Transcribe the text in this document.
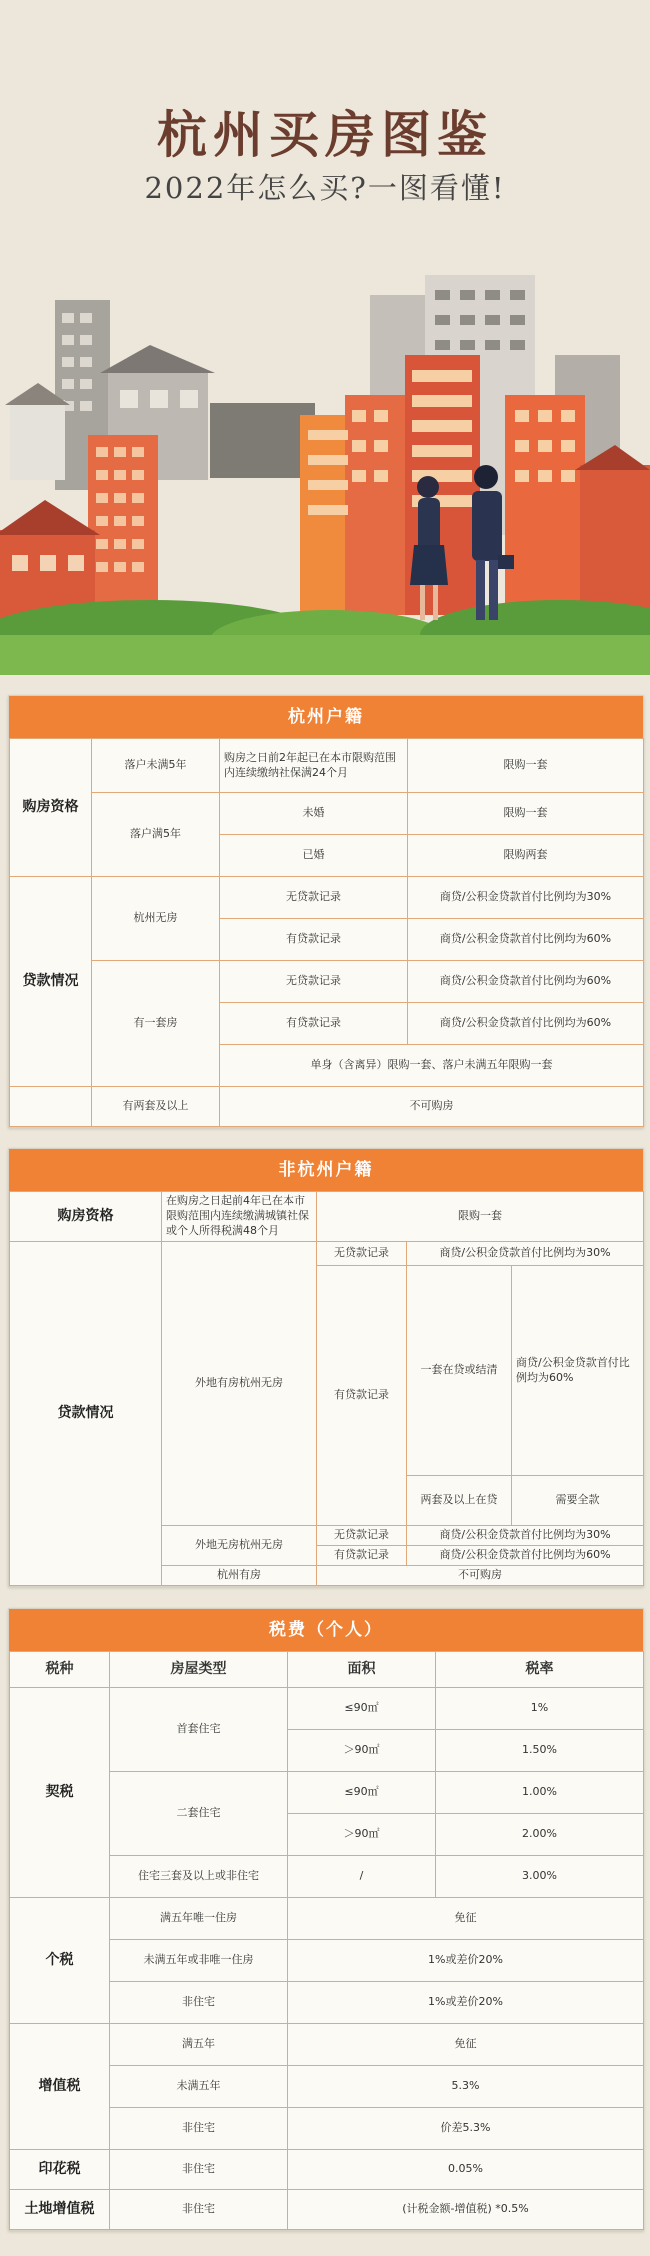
杭州买房图鉴
2022年怎么买?一图看懂!
杭州户籍
购房资格	落户未满5年	购房之日前2年起已在本市限购范围内连续缴纳社保满24个月	限购一套
	落户满5年	未婚	限购一套
		已婚	限购两套
贷款情况	杭州无房	无贷款记录	商贷/公积金贷款首付比例均为30%
		有贷款记录	商贷/公积金贷款首付比例均为60%
	有一套房	无贷款记录	商贷/公积金贷款首付比例均为60%
		有贷款记录	商贷/公积金贷款首付比例均为60%
		单身（含离异）限购一套、落户未满五年限购一套	
	有两套及以上	不可购房	
非杭州户籍
购房资格	在购房之日起前4年已在本市限购范围内连续缴满城镇社保或个人所得税满48个月	限购一套		
贷款情况	外地有房杭州无房	无贷款记录	商贷/公积金贷款首付比例均为30%	
		有贷款记录	一套在贷或结清	商贷/公积金贷款首付比例均为60%
			两套及以上在贷	需要全款
	外地无房杭州无房	无贷款记录	商贷/公积金贷款首付比例均为30%	
		有贷款记录	商贷/公积金贷款首付比例均为60%	
	杭州有房	不可购房		
税费（个人）
税种	房屋类型	面积	税率
契税	首套住宅	≤90㎡	1%
		＞90㎡	1.50%
	二套住宅	≤90㎡	1.00%
		＞90㎡	2.00%
	住宅三套及以上或非住宅	/	3.00%
个税	满五年唯一住房	免征	
	未满五年或非唯一住房	1%或差价20%	
	非住宅	1%或差价20%	
增值税	满五年	免征	
	未满五年	5.3%	
	非住宅	价差5.3%	
印花税	非住宅	0.05%	
土地增值税	非住宅	(计税金额-增值税) *0.5%	
